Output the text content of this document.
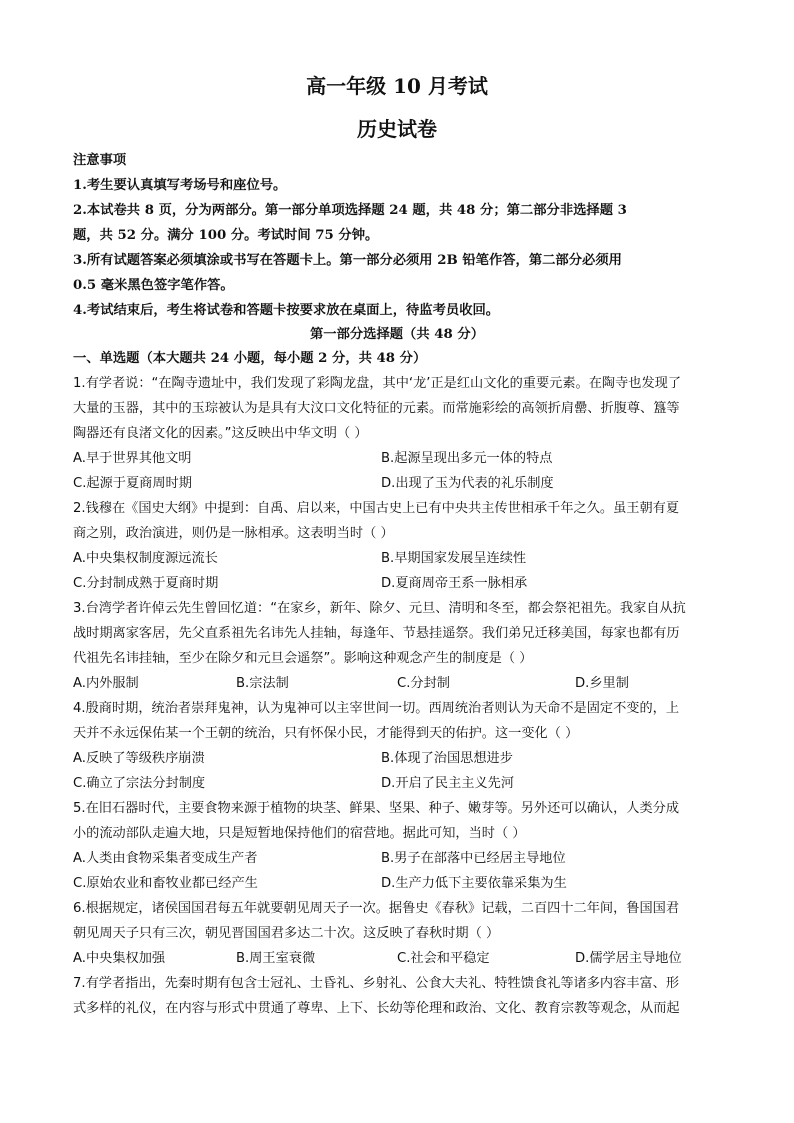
高一年级 10 月考试
历史试卷
注意事项
1.考生要认真填写考场号和座位号。
2.本试卷共 8 页，分为两部分。第一部分单项选择题 24 题，共 48 分；第二部分非选择题 3
题，共 52 分。满分 100 分。考试时间 75 分钟。
3.所有试题答案必须填涂或书写在答题卡上。第一部分必须用 2B 铅笔作答，第二部分必须用
0.5 毫米黑色签字笔作答。
4.考试结束后，考生将试卷和答题卡按要求放在桌面上，待监考员收回。
第一部分选择题（共 48 分）
一、单选题（本大题共 24 小题，每小题 2 分，共 48 分）
1.有学者说：“在陶寺遗址中，我们发现了彩陶龙盘，其中‘龙’正是红山文化的重要元素。在陶寺也发现了
大量的玉器，其中的玉琮被认为是具有大汶口文化特征的元素。而常施彩绘的高领折肩罍、折腹尊、簋等
陶器还有良渚文化的因素。”这反映出中华文明（ ）
A.早于世界其他文明	B.起源呈现出多元一体的特点
C.起源于夏商周时期	D.出现了玉为代表的礼乐制度
2.钱穆在《国史大纲》中提到：自禹、启以来，中国古史上已有中央共主传世相承千年之久。虽王朝有夏
商之别，政治演进，则仍是一脉相承。这表明当时（ ）
A.中央集权制度源远流长	B.早期国家发展呈连续性
C.分封制成熟于夏商时期	D.夏商周帝王系一脉相承
3.台湾学者许倬云先生曾回忆道：“在家乡，新年、除夕、元旦、清明和冬至，都会祭祀祖先。我家自从抗
战时期离家客居，先父直系祖先名讳先人挂轴，每逢年、节悬挂遥祭。我们弟兄迁移美国，每家也都有历
代祖先名讳挂轴，至少在除夕和元旦会遥祭”。影响这种观念产生的制度是（ ）
A.内外服制	B.宗法制	C.分封制	D.乡里制
4.殷商时期，统治者崇拜鬼神，认为鬼神可以主宰世间一切。西周统治者则认为天命不是固定不变的，上
天并不永远保佑某一个王朝的统治，只有怀保小民，才能得到天的佑护。这一变化（ ）
A.反映了等级秩序崩溃	B.体现了治国思想进步
C.确立了宗法分封制度	D.开启了民主主义先河
5.在旧石器时代，主要食物来源于植物的块茎、鲜果、坚果、种子、嫩芽等。另外还可以确认，人类分成
小的流动部队走遍大地，只是短暂地保持他们的宿营地。据此可知，当时（ ）
A.人类由食物采集者变成生产者	B.男子在部落中已经居主导地位
C.原始农业和畜牧业都已经产生	D.生产力低下主要依靠采集为生
6.根据规定，诸侯国国君每五年就要朝见周天子一次。据鲁史《春秋》记载，二百四十二年间，鲁国国君
朝见周天子只有三次，朝见晋国国君多达二十次。这反映了春秋时期（ ）
A.中央集权加强	B.周王室衰微	C.社会和平稳定	D.儒学居主导地位
7.有学者指出，先秦时期有包含士冠礼、士昏礼、乡射礼、公食大夫礼、特牲馈食礼等诸多内容丰富、形
式多样的礼仪，在内容与形式中贯通了尊卑、上下、长幼等伦理和政治、文化、教育宗教等观念，从而起
